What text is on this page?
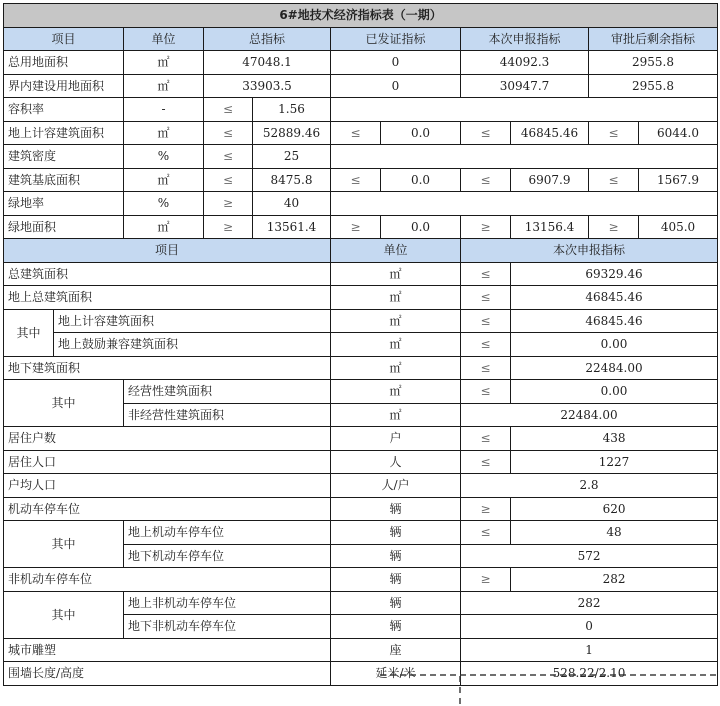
6#地技术经济指标表（一期）										
项目		单位	总指标		已发证指标		本次申报指标		审批后剩余指标	
总用地面积		㎡	47048.1		0		44092.3		2955.8	
界内建设用地面积		㎡	33903.5		0		30947.7		2955.8	
容积率		-	≤	1.56						
地上计容建筑面积		㎡	≤	52889.46	≤	0.0	≤	46845.46	≤	6044.0
建筑密度		%	≤	25						
建筑基底面积		㎡	≤	8475.8	≤	0.0	≤	6907.9	≤	1567.9
绿地率		%	≥	40						
绿地面积		㎡	≥	13561.4	≥	0.0	≥	13156.4	≥	405.0
项目					单位		本次申报指标			
总建筑面积					㎡		≤	69329.46		
地上总建筑面积					㎡		≤	46845.46		
其中	地上计容建筑面积				㎡		≤	46845.46		
	地上鼓励兼容建筑面积				㎡		≤	0.00		
地下建筑面积					㎡		≤	22484.00		
其中		经营性建筑面积			㎡		≤	0.00		
		非经营性建筑面积			㎡		22484.00			
居住户数					户		≤	438		
居住人口					人		≤	1227		
户均人口					人/户		2.8			
机动车停车位					辆		≥	620		
其中		地上机动车停车位			辆		≤	48		
		地下机动车停车位			辆		572			
非机动车停车位					辆		≥	282		
其中		地上非机动车停车位			辆		282			
		地下非机动车停车位			辆		0			
城市雕塑					座		1			
围墙长度/高度					延米/米		528.22/2.10			
